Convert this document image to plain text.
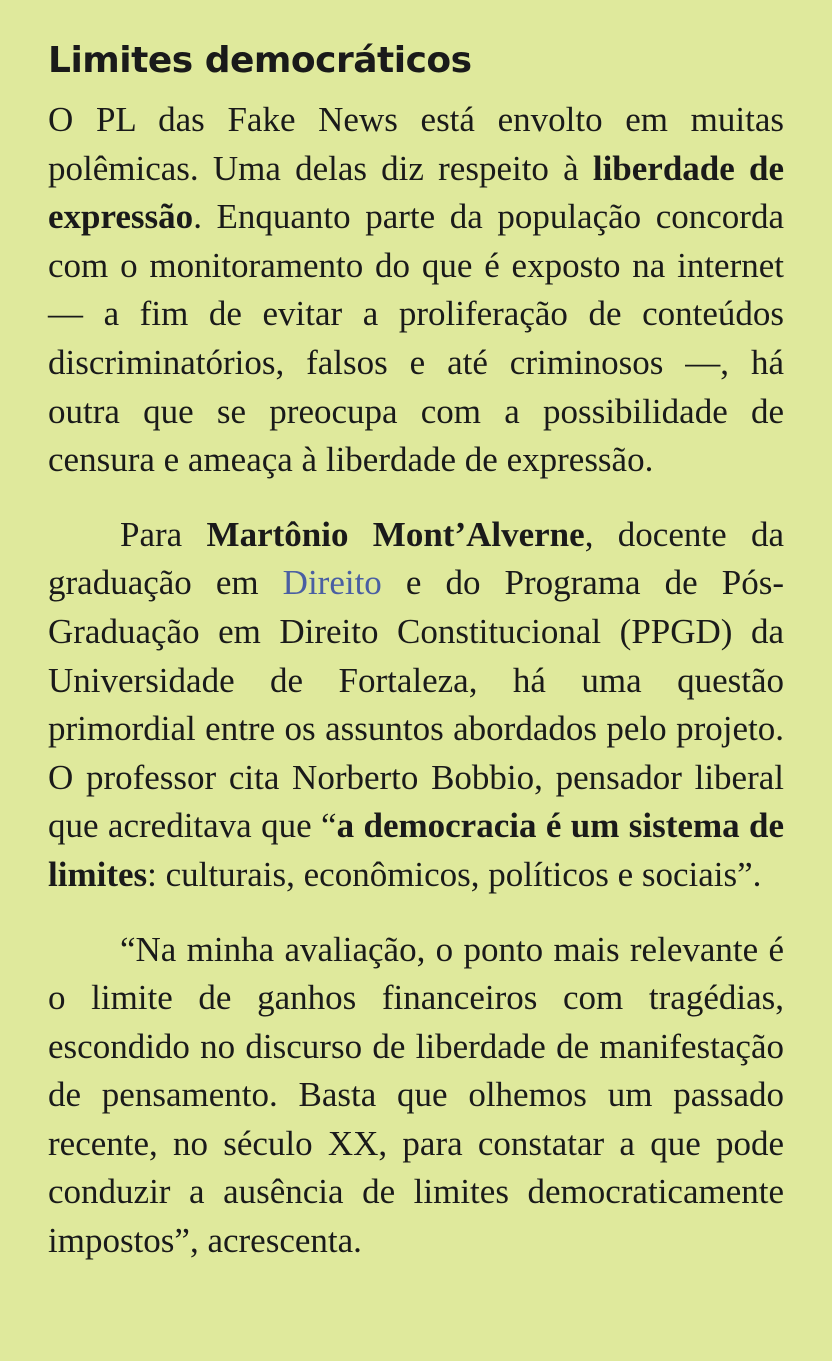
Limites democráticos

O PL das Fake News está envolto em muitas polêmicas. Uma delas diz respeito à liberdade de expressão. Enquanto parte da população concorda com o monitoramento do que é exposto na internet — a fim de evitar a proliferação de conteúdos discriminatórios, falsos e até criminosos —, há outra que se preocupa com a possibilidade de censura e ameaça à liberdade de expressão.

Para Martônio Mont’Alverne, docente da graduação em Direito e do Programa de Pós-Graduação em Direito Constitucional (PPGD) da Universidade de Fortaleza, há uma questão primordial entre os assuntos abordados pelo projeto. O professor cita Norberto Bobbio, pensador liberal que acreditava que “a democracia é um sistema de limites: culturais, econômicos, políticos e sociais”.

“Na minha avaliação, o ponto mais relevante é o limite de ganhos financeiros com tragédias, escondido no discurso de liberdade de manifestação de pensamento. Basta que olhemos um passado recente, no século XX, para constatar a que pode conduzir a ausência de limites democraticamente impostos”, acrescenta.
